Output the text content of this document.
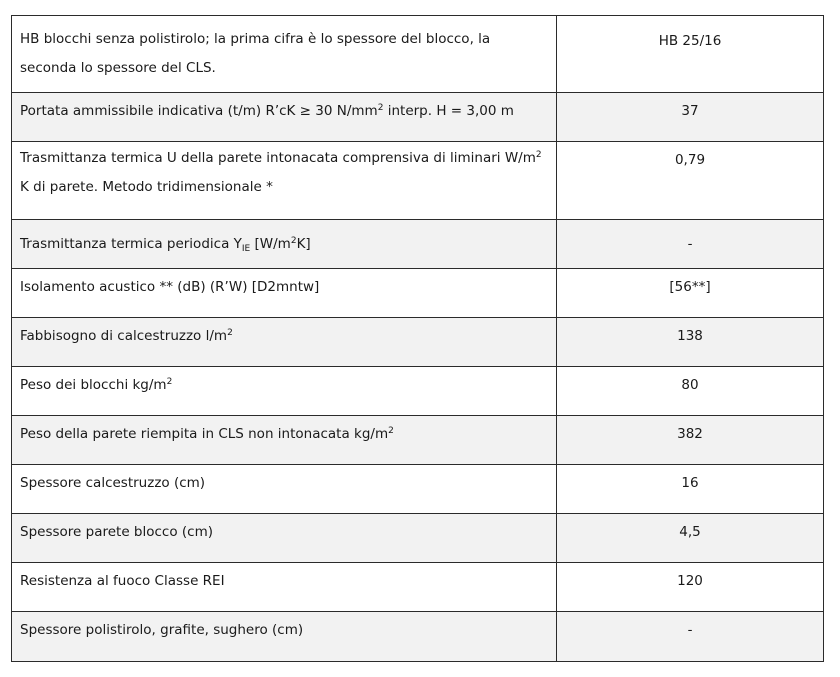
HB blocchi senza polistirolo; la prima cifra è lo spessore del blocco, la seconda lo spessore del CLS.	HB 25/16
Portata ammissibile indicativa (t/m) R’cK ≥ 30 $N/mm^2$ interp. H = 3,00 m	37
Trasmittanza termica U della parete intonacata comprensiva di liminari $W/m^2$ K di parete. Metodo tridimensionale *	0,79
Trasmittanza termica periodica $Y_{IE}$ $[W/m^2K]$	-
Isolamento acustico ** (dB) (R’W) [D2mntw]	[56**]
Fabbisogno di calcestruzzo $l/m^2$	138
Peso dei blocchi $kg/m^2$	80
Peso della parete riempita in CLS non intonacata $kg/m^2$	382
Spessore calcestruzzo (cm)	16
Spessore parete blocco (cm)	4,5
Resistenza al fuoco Classe REI	120
Spessore polistirolo, grafite, sughero (cm)	-
